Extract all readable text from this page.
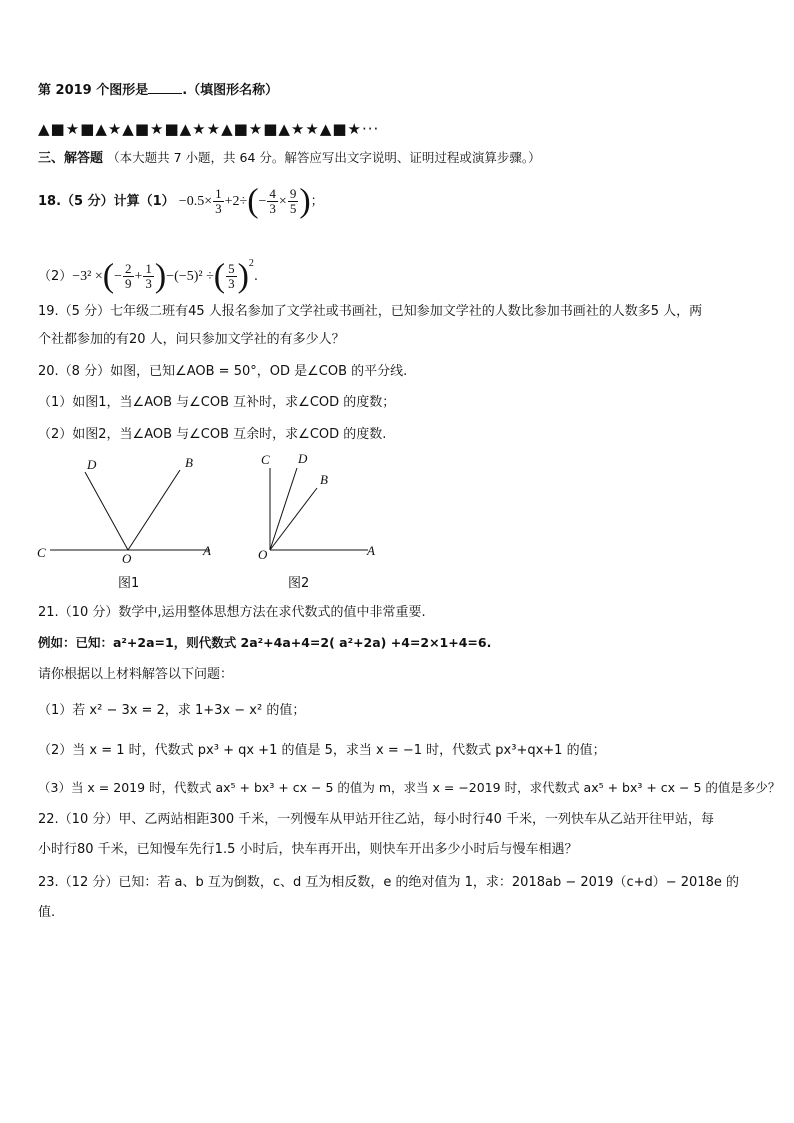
第 2019 个图形是	.（填图形名称）
▲■★■▲★▲■★■▲★★▲■★■▲★★▲■★···
三、解答题 （本大题共 7 小题，共 64 分。解答应写出文字说明、证明过程或演算步骤。）
18.（5 分）计算$(1) -0.5\times \frac{1}{3} +2\div(- \frac{4}{3} \times \frac{9}{5}$ )；
（2）−3² ×(− $\frac{2}{9} + \frac{1}{3} )-(-5)^2$ ÷( $\frac{5}{3} )^2$.
19.（5 分）七年级二班有45 人报名参加了文学社或书画社，已知参加文学社的人数比参加书画社的人数多5 人，两
个社都参加的有20 人，问只参加文学社的有多少人？
20.（8 分）如图，已知∠AOB = 50°，OD 是∠COB 的平分线.
（1）如图1，当∠AOB 与∠COB 互补时，求∠COD 的度数；
（2）如图2，当∠AOB 与∠COB 互余时，求∠COD 的度数.
D	B
C	O
A
图1
C D
B
O	A
图2
21.（10 分）数学中,运用整体思想方法在求代数式的值中非常重要.
例如：已知：a²+2a=1，则代数式 2a²+4a+4=2( a²+2a) +4=2×1+4=6.
请你根据以上材料解答以下问题：
（1）若 x² − 3x = 2，求 1+3x − x² 的值；
（2）当 x = 1 时，代数式 px³ + qx +1 的值是 5，求当 x = −1 时，代数式 px³+qx+1 的值；
（3）当 x = 2019 时，代数式 ax⁵ + bx³ + cx − 5 的值为 m，求当 x = −2019 时，求代数式 ax⁵ + bx³ + cx − 5 的值是多少？
22.（10 分）甲、乙两站相距300 千米，一列慢车从甲站开往乙站，每小时行40 千米，一列快车从乙站开往甲站，每
小时行80 千米，已知慢车先行1.5 小时后，快车再开出，则快车开出多少小时后与慢车相遇？
23.（12 分）已知：若 a、b 互为倒数，c、d 互为相反数，e 的绝对值为 1，求：2018ab − 2019（c+d）− 2018e 的
值.
